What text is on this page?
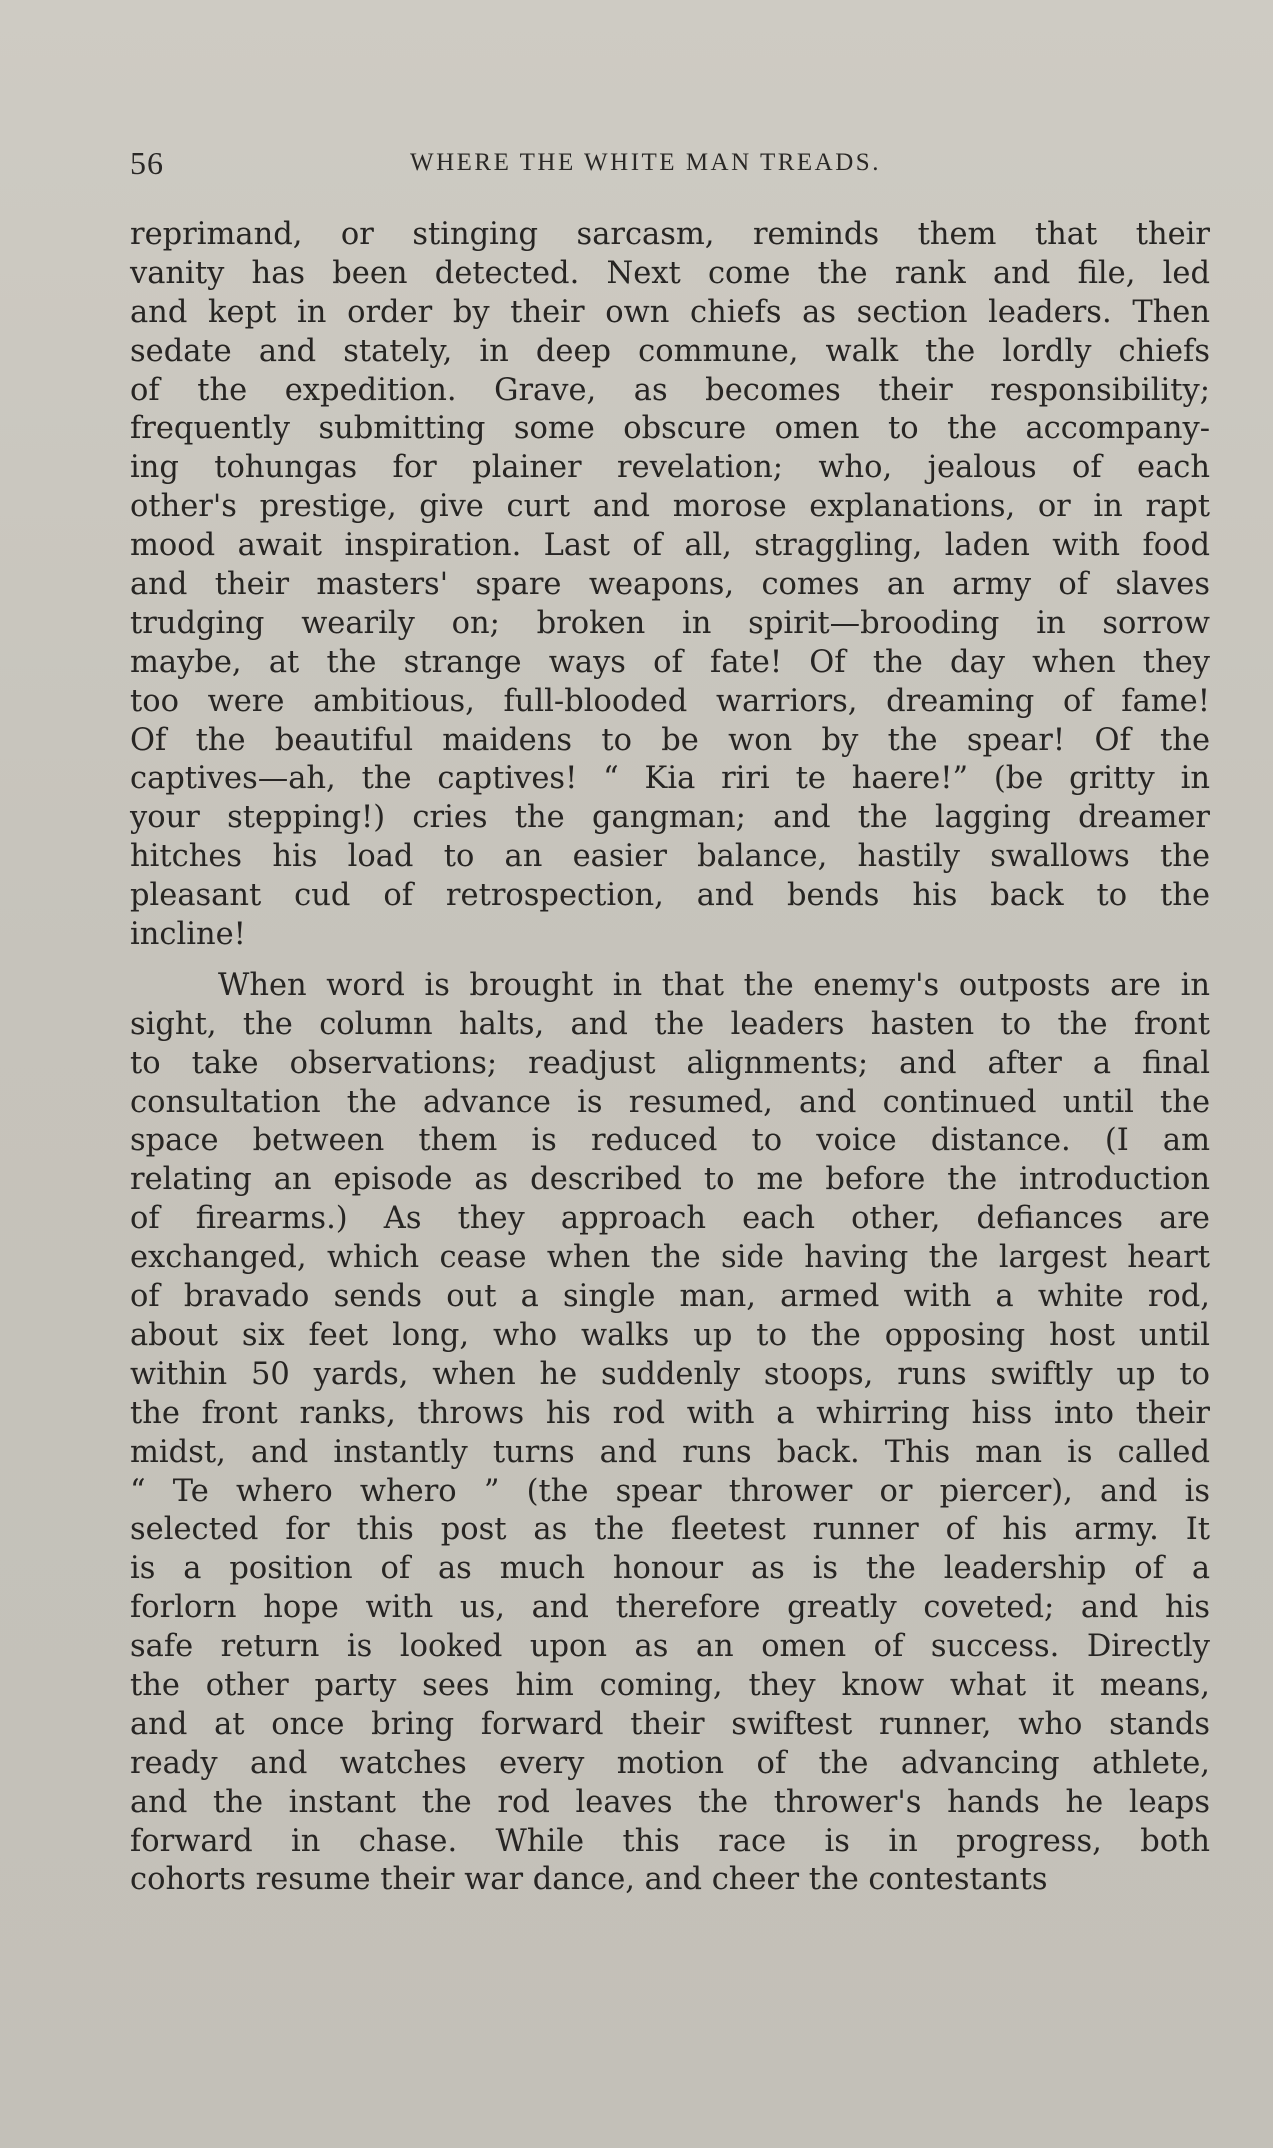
56	WHERE THE WHITE MAN TREADS.
reprimand, or stinging sarcasm, reminds them that their
vanity has been detected. Next come the rank and file, led
and kept in order by their own chiefs as section leaders. Then
sedate and stately, in deep commune, walk the lordly chiefs
of the expedition. Grave, as becomes their responsibility;
frequently submitting some obscure omen to the accompany-
ing tohungas for plainer revelation; who, jealous of each
other's prestige, give curt and morose explanations, or in rapt
mood await inspiration. Last of all, straggling, laden with food
and their masters' spare weapons, comes an army of slaves
trudging wearily on; broken in spirit—brooding in sorrow
maybe, at the strange ways of fate! Of the day when they
too were ambitious, full-blooded warriors, dreaming of fame!
Of the beautiful maidens to be won by the spear! Of the
captives—ah, the captives! “ Kia riri te haere!” (be gritty in
your stepping!) cries the gangman; and the lagging dreamer
hitches his load to an easier balance, hastily swallows the
pleasant cud of retrospection, and bends his back to the
incline!
When word is brought in that the enemy's outposts are in
sight, the column halts, and the leaders hasten to the front
to take observations; readjust alignments; and after a final
consultation the advance is resumed, and continued until the
space between them is reduced to voice distance. (I am
relating an episode as described to me before the introduction
of firearms.) As they approach each other, defiances are
exchanged, which cease when the side having the largest heart
of bravado sends out a single man, armed with a white rod,
about six feet long, who walks up to the opposing host until
within 50 yards, when he suddenly stoops, runs swiftly up to
the front ranks, throws his rod with a whirring hiss into their
midst, and instantly turns and runs back. This man is called
“ Te whero whero ” (the spear thrower or piercer), and is
selected for this post as the fleetest runner of his army. It
is a position of as much honour as is the leadership of a
forlorn hope with us, and therefore greatly coveted; and his
safe return is looked upon as an omen of success. Directly
the other party sees him coming, they know what it means,
and at once bring forward their swiftest runner, who stands
ready and watches every motion of the advancing athlete,
and the instant the rod leaves the thrower's hands he leaps
forward in chase. While this race is in progress, both
cohorts resume their war dance, and cheer the contestants
